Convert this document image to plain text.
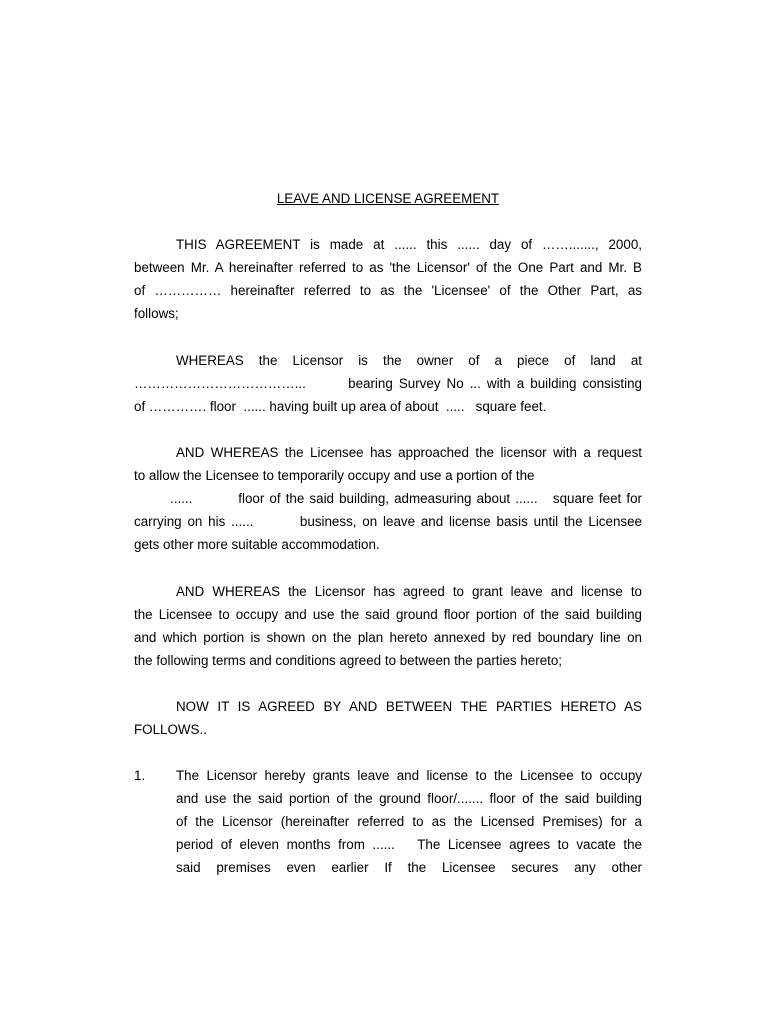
LEAVE AND LICENSE AGREEMENT
THIS AGREEMENT is made at ...... this ...... day of ……......., 2000,
between Mr. A hereinafter referred to as 'the Licensor' of the One Part and Mr. B
of …………… hereinafter referred to as the 'Licensee' of the Other Part, as
follows;
WHEREAS the Licensor is the owner of a piece of land at
………………………………...       bearing Survey No ... with a building consisting
of …………. floor  ...... having built up area of about  .....   square feet.
AND WHEREAS the Licensee has approached the licensor with a request
to allow the Licensee to temporarily occupy and use a portion of the
......         floor of the said building, admeasuring about ......   square feet for
carrying on his ......        business, on leave and license basis until the Licensee
gets other more suitable accommodation.
AND WHEREAS the Licensor has agreed to grant leave and license to
the Licensee to occupy and use the said ground floor portion of the said building
and which portion is shown on the plan hereto annexed by red boundary line on
the following terms and conditions agreed to between the parties hereto;
NOW IT IS AGREED BY AND BETWEEN THE PARTIES HERETO AS
FOLLOWS..
1. The Licensor hereby grants leave and license to the Licensee to occupy
and use the said portion of the ground floor/....... floor of the said building
of the Licensor (hereinafter referred to as the Licensed Premises) for a
period of eleven months from ......   The Licensee agrees to vacate the
said premises even earlier If the Licensee secures any other
